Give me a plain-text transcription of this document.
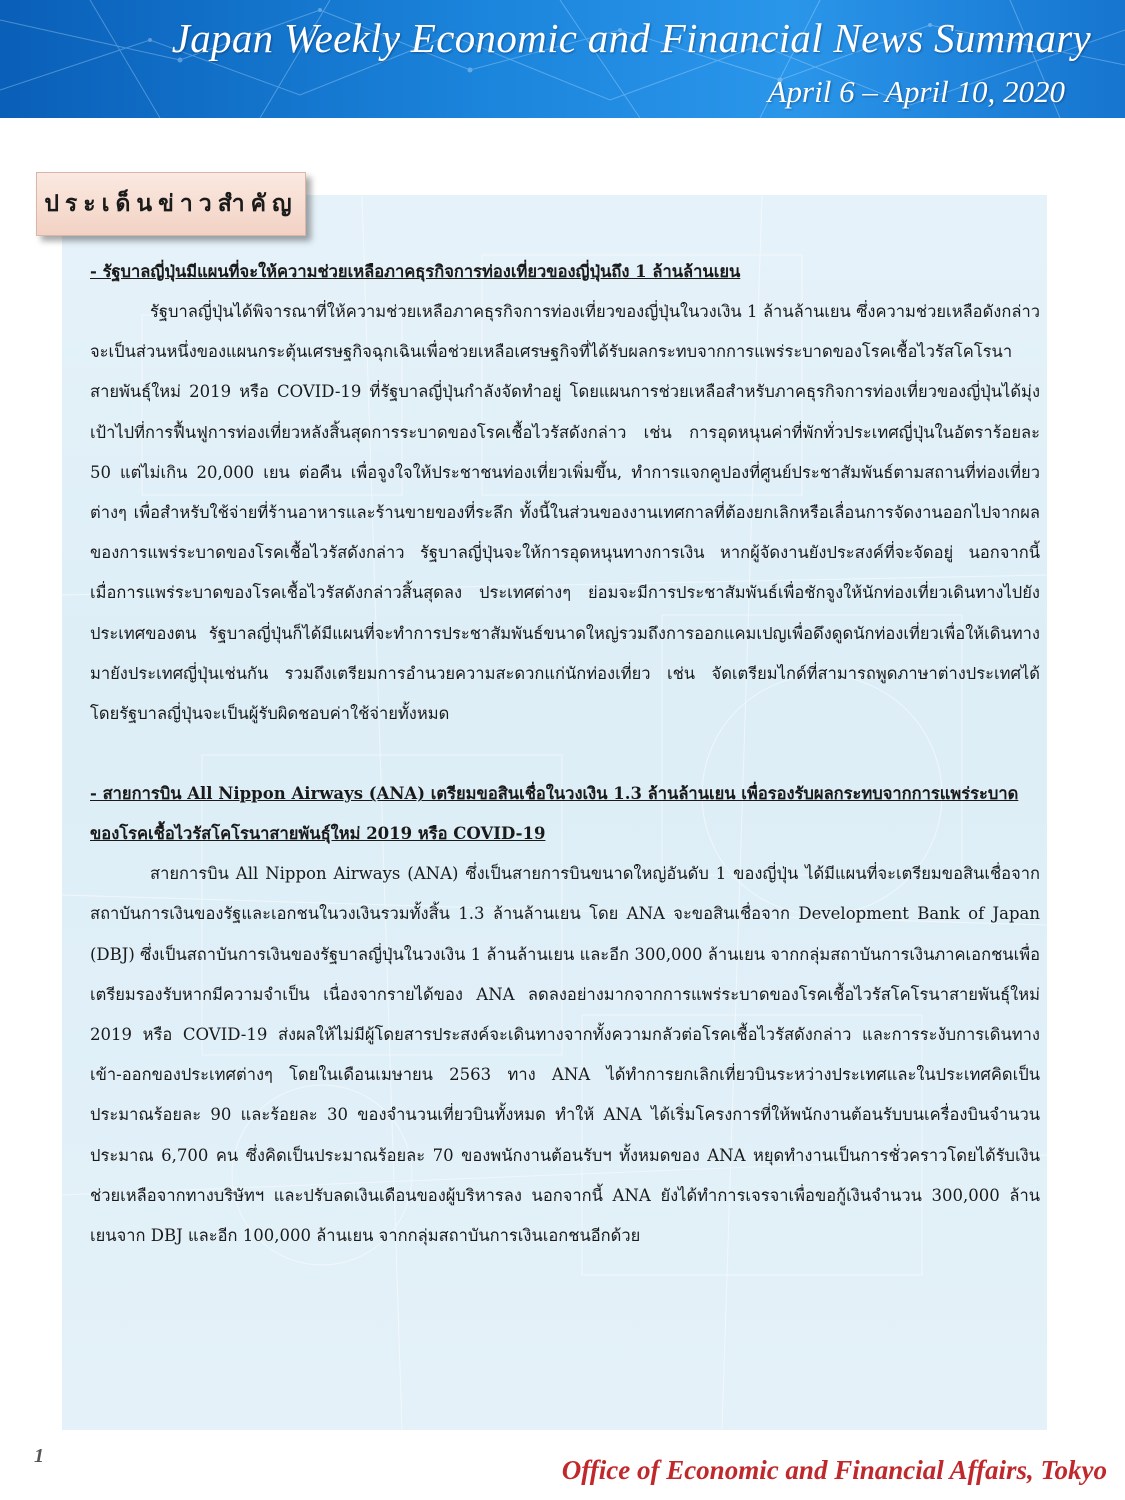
Japan Weekly Economic and Financial News Summary
April 6 – April 10, 2020
ประเด็นข่าวสำคัญ

- รัฐบาลญี่ปุ่นมีแผนที่จะให้ความช่วยเหลือภาคธุรกิจการท่องเที่ยวของญี่ปุ่นถึง 1 ล้านล้านเยน

รัฐบาลญี่ปุ่นได้พิจารณาที่ให้ความช่วยเหลือภาคธุรกิจการท่องเที่ยวของญี่ปุ่นในวงเงิน 1 ล้านล้านเยน ซึ่งความช่วยเหลือดังกล่าวจะเป็นส่วนหนึ่งของแผนกระตุ้นเศรษฐกิจฉุกเฉินเพื่อช่วยเหลือเศรษฐกิจที่ได้รับผลกระทบจากการแพร่ระบาดของโรคเชื้อไวรัสโคโรนาสายพันธุ์ใหม่ 2019 หรือ COVID-19 ที่รัฐบาลญี่ปุ่นกำลังจัดทำอยู่ โดยแผนการช่วยเหลือสำหรับภาคธุรกิจการท่องเที่ยวของญี่ปุ่นได้มุ่งเป้าไปที่การฟื้นฟูการท่องเที่ยวหลังสิ้นสุดการระบาดของโรคเชื้อไวรัสดังกล่าว เช่น การอุดหนุนค่าที่พักทั่วประเทศญี่ปุ่นในอัตราร้อยละ 50 แต่ไม่เกิน 20,000 เยน ต่อคืน เพื่อจูงใจให้ประชาชนท่องเที่ยวเพิ่มขึ้น, ทำการแจกคูปองที่ศูนย์ประชาสัมพันธ์ตามสถานที่ท่องเที่ยวต่างๆ เพื่อสำหรับใช้จ่ายที่ร้านอาหารและร้านขายของที่ระลึก ทั้งนี้ในส่วนของงานเทศกาลที่ต้องยกเลิกหรือเลื่อนการจัดงานออกไปจากผลของการแพร่ระบาดของโรคเชื้อไวรัสดังกล่าว รัฐบาลญี่ปุ่นจะให้การอุดหนุนทางการเงิน หากผู้จัดงานยังประสงค์ที่จะจัดอยู่ นอกจากนี้ เมื่อการแพร่ระบาดของโรคเชื้อไวรัสดังกล่าวสิ้นสุดลง ประเทศต่างๆ ย่อมจะมีการประชาสัมพันธ์เพื่อชักจูงให้นักท่องเที่ยวเดินทางไปยังประเทศของตน รัฐบาลญี่ปุ่นก็ได้มีแผนที่จะทำการประชาสัมพันธ์ขนาดใหญ่รวมถึงการออกแคมเปญเพื่อดึงดูดนักท่องเที่ยวเพื่อให้เดินทางมายังประเทศญี่ปุ่นเช่นกัน รวมถึงเตรียมการอำนวยความสะดวกแก่นักท่องเที่ยว เช่น จัดเตรียมไกด์ที่สามารถพูดภาษาต่างประเทศได้ โดยรัฐบาลญี่ปุ่นจะเป็นผู้รับผิดชอบค่าใช้จ่ายทั้งหมด

- สายการบิน All Nippon Airways (ANA) เตรียมขอสินเชื่อในวงเงิน 1.3 ล้านล้านเยน เพื่อรองรับผลกระทบจากการแพร่ระบาดของโรคเชื้อไวรัสโคโรนาสายพันธุ์ใหม่ 2019 หรือ COVID-19

สายการบิน All Nippon Airways (ANA) ซึ่งเป็นสายการบินขนาดใหญ่อันดับ 1 ของญี่ปุ่น ได้มีแผนที่จะเตรียมขอสินเชื่อจากสถาบันการเงินของรัฐและเอกชนในวงเงินรวมทั้งสิ้น 1.3 ล้านล้านเยน โดย ANA จะขอสินเชื่อจาก Development Bank of Japan (DBJ) ซึ่งเป็นสถาบันการเงินของรัฐบาลญี่ปุ่นในวงเงิน 1 ล้านล้านเยน และอีก 300,000 ล้านเยน จากกลุ่มสถาบันการเงินภาคเอกชนเพื่อเตรียมรองรับหากมีความจำเป็น เนื่องจากรายได้ของ ANA ลดลงอย่างมากจากการแพร่ระบาดของโรคเชื้อไวรัสโคโรนาสายพันธุ์ใหม่ 2019 หรือ COVID-19 ส่งผลให้ไม่มีผู้โดยสารประสงค์จะเดินทางจากทั้งความกลัวต่อโรคเชื้อไวรัสดังกล่าว และการระงับการเดินทางเข้า-ออกของประเทศต่างๆ โดยในเดือนเมษายน 2563 ทาง ANA ได้ทำการยกเลิกเที่ยวบินระหว่างประเทศและในประเทศคิดเป็นประมาณร้อยละ 90 และร้อยละ 30 ของจำนวนเที่ยวบินทั้งหมด ทำให้ ANA ได้เริ่มโครงการที่ให้พนักงานต้อนรับบนเครื่องบินจำนวนประมาณ 6,700 คน ซึ่งคิดเป็นประมาณร้อยละ 70 ของพนักงานต้อนรับฯ ทั้งหมดของ ANA หยุดทำงานเป็นการชั่วคราวโดยได้รับเงินช่วยเหลือจากทางบริษัทฯ และปรับลดเงินเดือนของผู้บริหารลง นอกจากนี้ ANA ยังได้ทำการเจรจาเพื่อขอกู้เงินจำนวน 300,000 ล้านเยนจาก DBJ และอีก 100,000 ล้านเยน จากกลุ่มสถาบันการเงินเอกชนอีกด้วย

1	Office of Economic and Financial Affairs, Tokyo
